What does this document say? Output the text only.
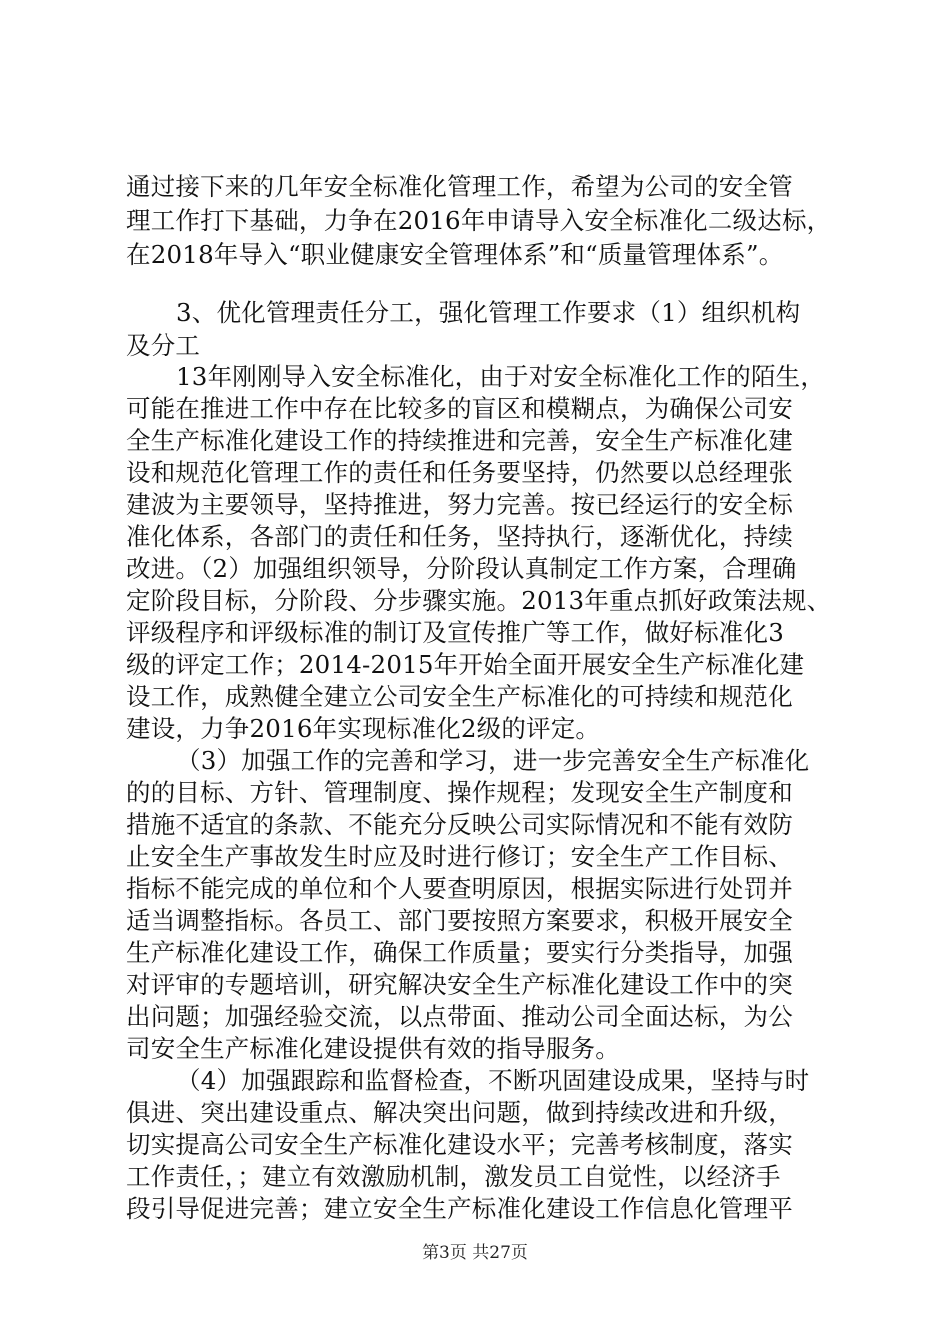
通过接下来的几年安全标准化管理工作，希望为公司的安全管
理工作打下基础，力争在2016年申请导入安全标准化二级达标，
在2018年导入“职业健康安全管理体系”和“质量管理体系”。
3、优化管理责任分工，强化管理工作要求（1）组织机构
及分工
13年刚刚导入安全标准化，由于对安全标准化工作的陌生，
可能在推进工作中存在比较多的盲区和模糊点，为确保公司安
全生产标准化建设工作的持续推进和完善，安全生产标准化建
设和规范化管理工作的责任和任务要坚持，仍然要以总经理张
建波为主要领导，坚持推进，努力完善。按已经运行的安全标
准化体系，各部门的责任和任务，坚持执行，逐渐优化，持续
改进。（2）加强组织领导，分阶段认真制定工作方案，合理确
定阶段目标，分阶段、分步骤实施。2013年重点抓好政策法规、
评级程序和评级标准的制订及宣传推广等工作，做好标准化3
级的评定工作；2014-2015年开始全面开展安全生产标准化建
设工作，成熟健全建立公司安全生产标准化的可持续和规范化
建设，力争2016年实现标准化2级的评定。
（3）加强工作的完善和学习，进一步完善安全生产标准化
的的目标、方针、管理制度、操作规程；发现安全生产制度和
措施不适宜的条款、不能充分反映公司实际情况和不能有效防
止安全生产事故发生时应及时进行修订；安全生产工作目标、
指标不能完成的单位和个人要查明原因，根据实际进行处罚并
适当调整指标。各员工、部门要按照方案要求，积极开展安全
生产标准化建设工作，确保工作质量；要实行分类指导，加强
对评审的专题培训，研究解决安全生产标准化建设工作中的突
出问题；加强经验交流，以点带面、推动公司全面达标，为公
司安全生产标准化建设提供有效的指导服务。
（4）加强跟踪和监督检查，不断巩固建设成果，坚持与时
俱进、突出建设重点、解决突出问题，做到持续改进和升级，
切实提高公司安全生产标准化建设水平；完善考核制度，落实
工作责任，；建立有效激励机制，激发员工自觉性，以经济手
段引导促进完善；建立安全生产标准化建设工作信息化管理平
第3页 共27页
